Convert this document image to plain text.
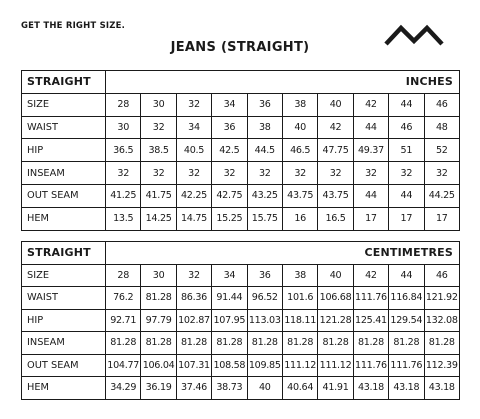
GET THE RIGHT SIZE.
JEANS (STRAIGHT)
STRAIGHT	INCHES									
SIZE	28	30	32	34	36	38	40	42	44	46
WAIST	30	32	34	36	38	40	42	44	46	48
HIP	36.5	38.5	40.5	42.5	44.5	46.5	47.75	49.37	51	52
INSEAM	32	32	32	32	32	32	32	32	32	32
OUT SEAM	41.25	41.75	42.25	42.75	43.25	43.75	43.75	44	44	44.25
HEM	13.5	14.25	14.75	15.25	15.75	16	16.5	17	17	17
STRAIGHT	CENTIMETRES									
SIZE	28	30	32	34	36	38	40	42	44	46
WAIST	76.2	81.28	86.36	91.44	96.52	101.6	106.68	111.76	116.84	121.92
HIP	92.71	97.79	102.87	107.95	113.03	118.11	121.28	125.41	129.54	132.08
INSEAM	81.28	81.28	81.28	81.28	81.28	81.28	81.28	81.28	81.28	81.28
OUT SEAM	104.77	106.04	107.31	108.58	109.85	111.12	111.12	111.76	111.76	112.39
HEM	34.29	36.19	37.46	38.73	40	40.64	41.91	43.18	43.18	43.18
